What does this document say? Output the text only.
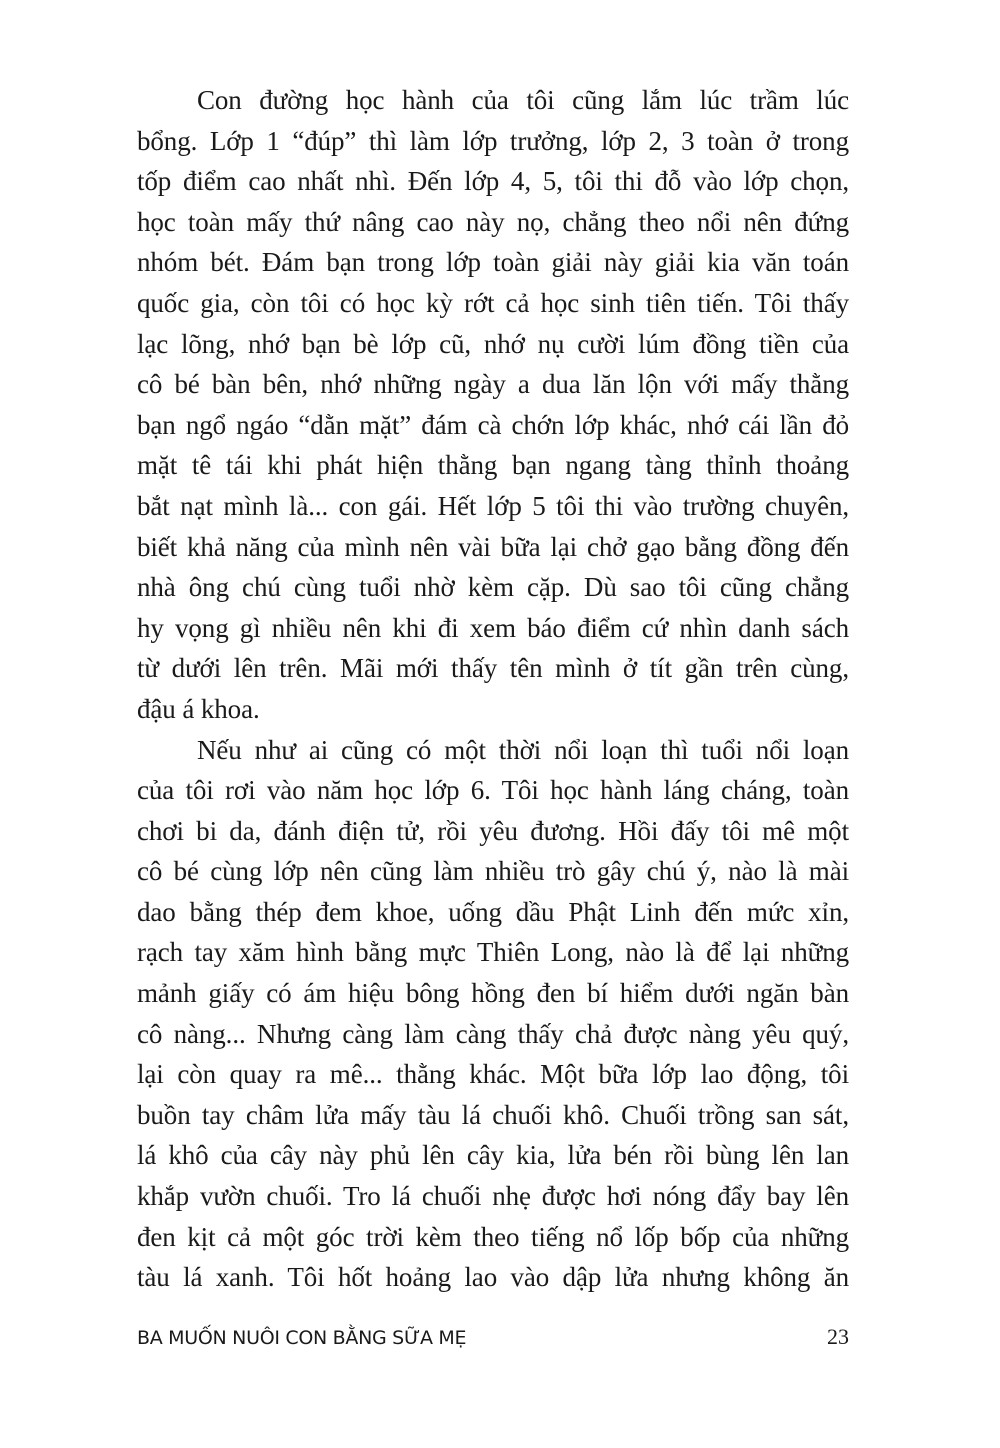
Con đường học hành của tôi cũng lắm lúc trầm lúc
bổng. Lớp 1 “đúp” thì làm lớp trưởng, lớp 2, 3 toàn ở trong
tốp điểm cao nhất nhì. Đến lớp 4, 5, tôi thi đỗ vào lớp chọn,
học toàn mấy thứ nâng cao này nọ, chẳng theo nổi nên đứng
nhóm bét. Đám bạn trong lớp toàn giải này giải kia văn toán
quốc gia, còn tôi có học kỳ rớt cả học sinh tiên tiến. Tôi thấy
lạc lõng, nhớ bạn bè lớp cũ, nhớ nụ cười lúm đồng tiền của
cô bé bàn bên, nhớ những ngày a dua lăn lộn với mấy thằng
bạn ngổ ngáo “dằn mặt” đám cà chớn lớp khác, nhớ cái lần đỏ
mặt tê tái khi phát hiện thằng bạn ngang tàng thỉnh thoảng
bắt nạt mình là... con gái. Hết lớp 5 tôi thi vào trường chuyên,
biết khả năng của mình nên vài bữa lại chở gạo bằng đồng đến
nhà ông chú cùng tuổi nhờ kèm cặp. Dù sao tôi cũng chẳng
hy vọng gì nhiều nên khi đi xem báo điểm cứ nhìn danh sách
từ dưới lên trên. Mãi mới thấy tên mình ở tít gần trên cùng,
đậu á khoa.

Nếu như ai cũng có một thời nổi loạn thì tuổi nổi loạn
của tôi rơi vào năm học lớp 6. Tôi học hành láng cháng, toàn
chơi bi da, đánh điện tử, rồi yêu đương. Hồi đấy tôi mê một
cô bé cùng lớp nên cũng làm nhiều trò gây chú ý, nào là mài
dao bằng thép đem khoe, uống dầu Phật Linh đến mức xỉn,
rạch tay xăm hình bằng mực Thiên Long, nào là để lại những
mảnh giấy có ám hiệu bông hồng đen bí hiểm dưới ngăn bàn
cô nàng... Nhưng càng làm càng thấy chả được nàng yêu quý,
lại còn quay ra mê... thằng khác. Một bữa lớp lao động, tôi
buồn tay châm lửa mấy tàu lá chuối khô. Chuối trồng san sát,
lá khô của cây này phủ lên cây kia, lửa bén rồi bùng lên lan
khắp vườn chuối. Tro lá chuối nhẹ được hơi nóng đẩy bay lên
đen kịt cả một góc trời kèm theo tiếng nổ lốp bốp của những
tàu lá xanh. Tôi hốt hoảng lao vào dập lửa nhưng không ăn

BA MUỐN NUÔI CON BẰNG SỮA MẸ	23
